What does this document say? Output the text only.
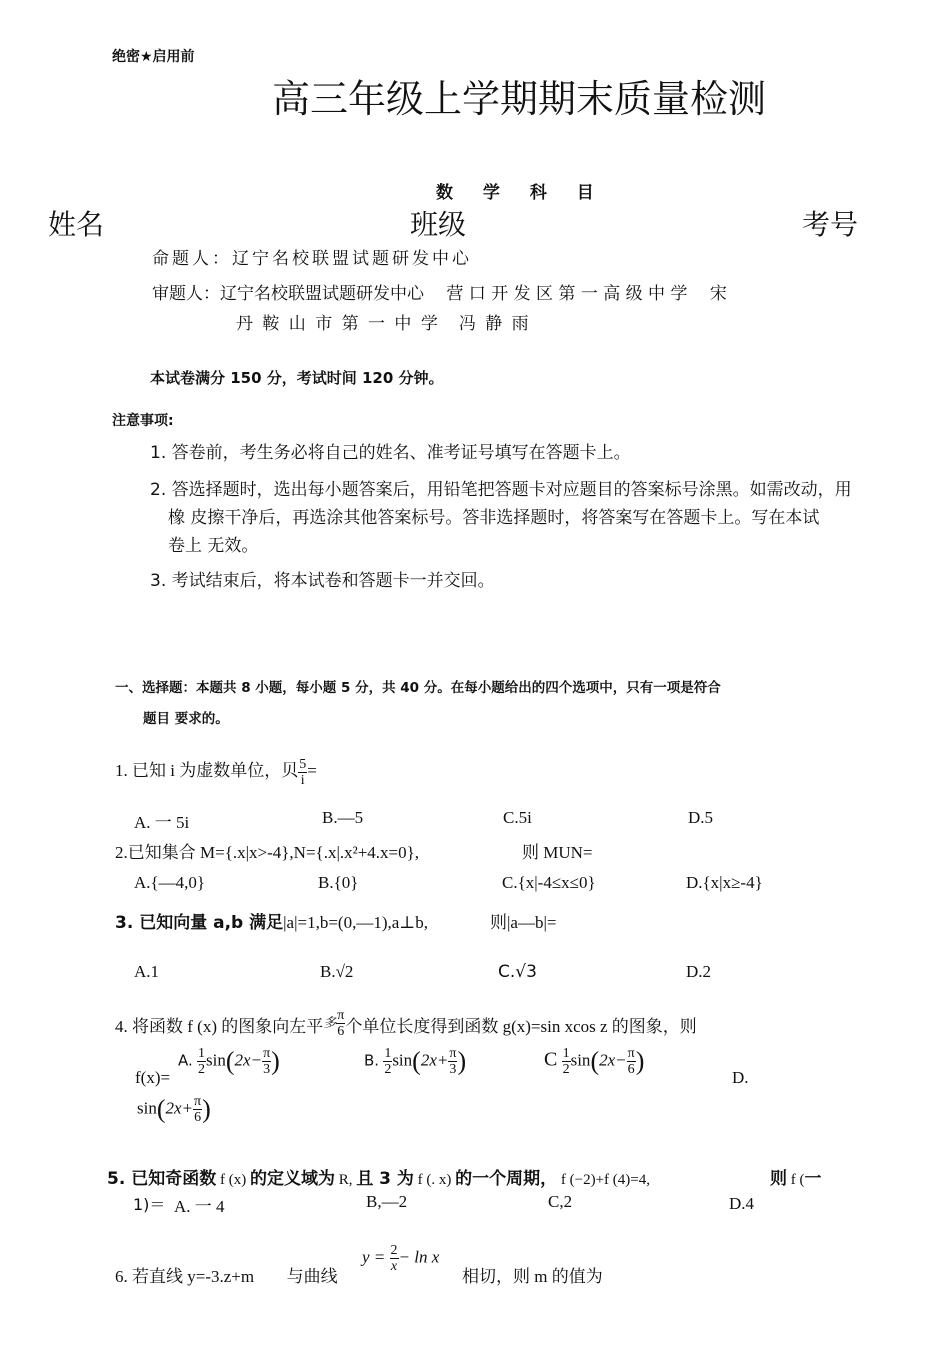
绝密★启用前
高三年级上学期期末质量检测
数 学 科 目
姓名	班级	考号
命题人：辽宁名校联盟试题研发中心
审题人：辽宁名校联盟试题研发中心　 营 口 开 发 区 第 一 高 级 中 学　 宋
丹 鞍 山 市 第 一 中 学　冯 静 雨
本试卷满分 150 分，考试时间 120 分钟。
注意事项:
1. 答卷前，考生务必将自己的姓名、准考证号填写在答题卡上。
2. 答选择题时，选出每小题答案后，用铅笔把答题卡对应题目的答案标号涂黑。如需改动，用
橡 皮擦干净后，再选涂其他答案标号。答非选择题时，将答案写在答题卡上。写在本试
卷上 无效。
3. 考试结束后，将本试卷和答题卡一并交回。
一、选择题：本题共 8 小题，每小题 5 分，共 40 分。在每小题给出的四个选项中，只有一项是符合
题目 要求的。
1. 已知 i 为虚数单位，贝 $\frac{5}{i}$ =
A. 一 5i	B.—5	C.5i	D.5
2.已知集合 M={.x|x>-4},N={.x|.x²+4.x=0},	则 MUN=
A.{—4,0}	B.{0}	C.{x|-4≤x≤0}	D.{x|x≥-4}
3. 已知向量 a,b 满足|a|=1,b=(0,—1),a⊥b,	则|a—b|=
A.1	B.√2	C.√3	D.2
4. 将函数 f (x) 的图象向左平$^多 \frac{\pi}{6}$ 个单位长度得到函数 g(x)=sin xcos z 的图象，则
f(x)=
A. $\frac{1}{2} \sin(2x- \frac{\pi}{3}$ )	B. $\frac{1}{2} \sin(2x+ \frac{\pi}{3}$ )	C $\frac{1}{2} \sin(2x- \frac{\pi}{6}$ )
D.
$\sin(2x+ \frac{\pi}{6}$ )
5. 已知奇函数 f (x) 的定义域为 R, 且 3 为 f (. x) 的一个周期， f (−2)+f (4)=4,	则 f (一
1)＝ A. 一 4	B,—2	C,2	D.4
6. 若直线 y=-3.z+m 与曲线
$y = \frac{2}{x} - \ln x$
相切，则 m 的值为
